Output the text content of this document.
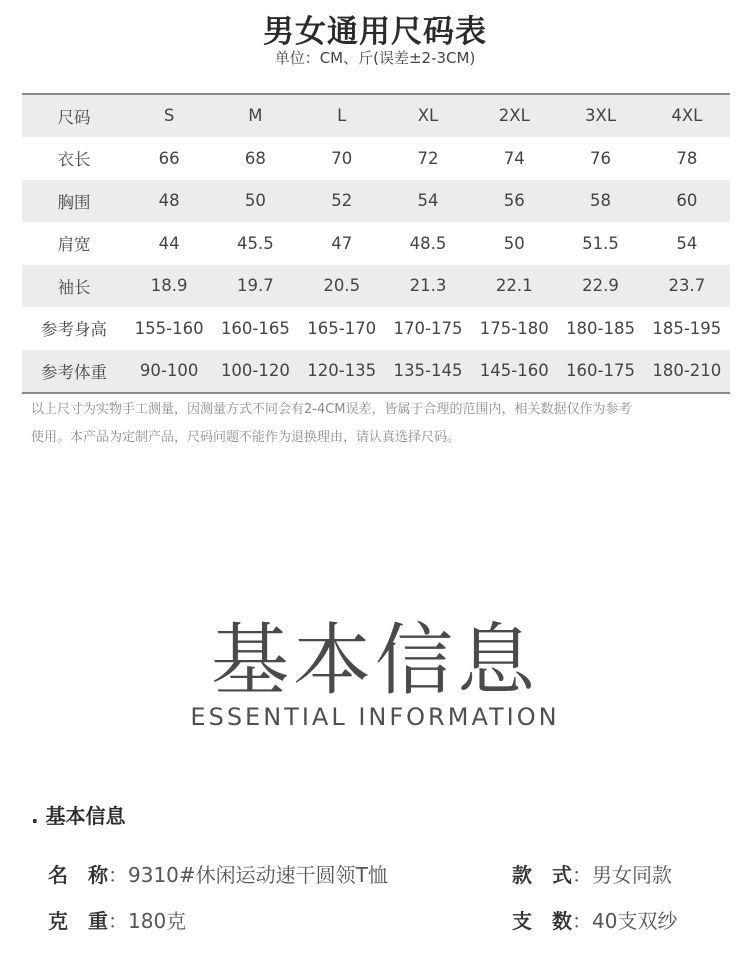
男女通用尺码表
单位：CM、斤(误差±2-3CM)
尺码	S	M	L	XL	2XL	3XL	4XL
衣长	66	68	70	72	74	76	78
胸围	48	50	52	54	56	58	60
肩宽	44	45.5	47	48.5	50	51.5	54
袖长	18.9	19.7	20.5	21.3	22.1	22.9	23.7
参考身高	155-160	160-165	165-170	170-175	175-180	180-185	185-195
参考体重	90-100	100-120	120-135	135-145	145-160	160-175	180-210
以上尺寸为实物手工测量，因测量方式不同会有2-4CM误差，皆属于合理的范围内，相关数据仅作为参考
使用。本产品为定制产品，尺码问题不能作为退换理由，请认真选择尺码。
基本信息
ESSENTIAL INFORMATION
. 基本信息
名　称：9310#休闲运动速干圆领T恤	款　式：男女同款
克　重：180克	支　数：40支双纱
